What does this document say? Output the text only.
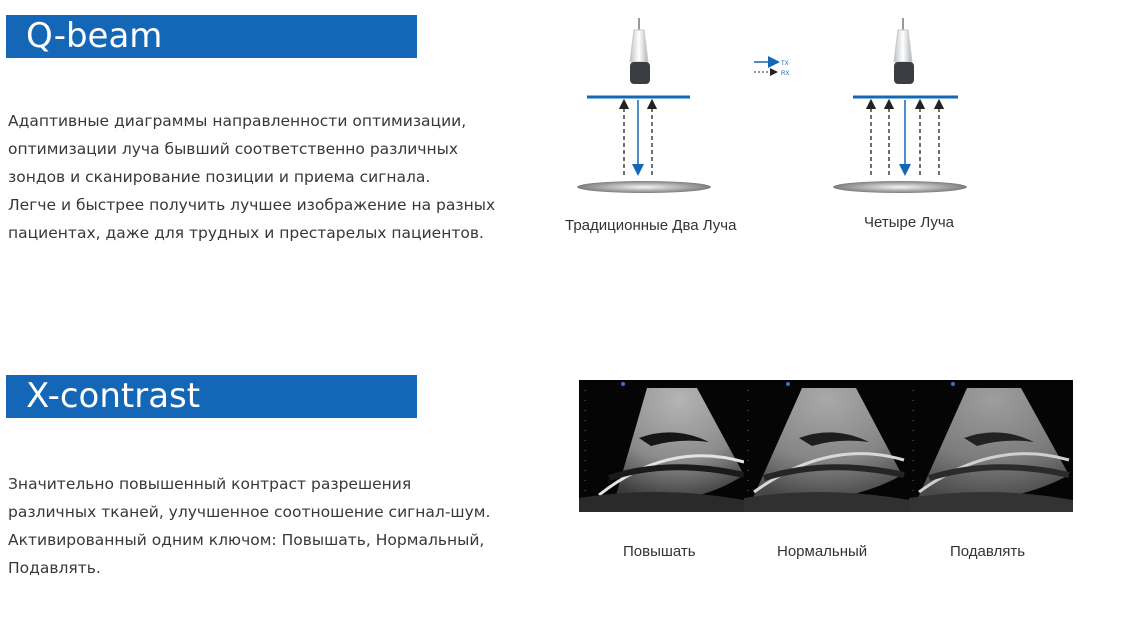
Q-beam

Адаптивные диаграммы направленности оптимизации,
оптимизации луча бывший соответственно различных
зондов и сканирование позиции и приема сигнала.
Легче и быстрее получить лучшее изображение на разных
пациентах, даже для трудных и престарелых пациентов.

TX
RX
Традиционные Два Луча	Четыре Луча
X-contrast

Значительно повышенный контраст разрешения
различных тканей, улучшенное соотношение сигнал-шум.
Активированный одним ключом: Повышать, Нормальный,
Подавлять.

Повышать	Нормальный	Подавлять
